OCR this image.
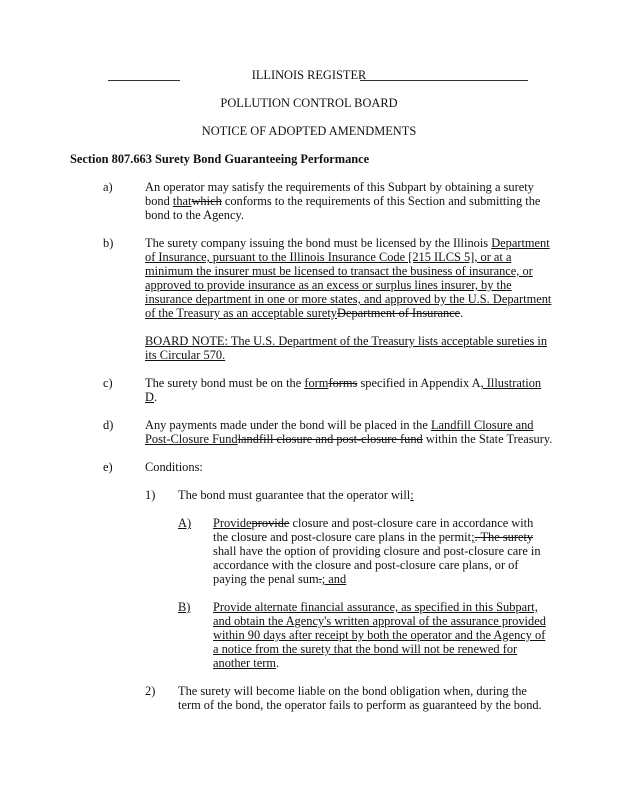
ILLINOIS REGISTER
POLLUTION CONTROL BOARD
NOTICE OF ADOPTED AMENDMENTS
Section 807.663 Surety Bond Guaranteeing Performance
a)	An operator may satisfy the requirements of this Subpart by obtaining a surety
bond thatwhich conforms to the requirements of this Section and submitting the
bond to the Agency.
b)	The surety company issuing the bond must be licensed by the Illinois Department
of Insurance, pursuant to the Illinois Insurance Code [215 ILCS 5], or at a
minimum the insurer must be licensed to transact the business of insurance, or
approved to provide insurance as an excess or surplus lines insurer, by the
insurance department in one or more states, and approved by the U.S. Department
of the Treasury as an acceptable suretyDepartment of Insurance.
BOARD NOTE: The U.S. Department of the Treasury lists acceptable sureties in
its Circular 570.
c)	The surety bond must be on the formforms specified in Appendix A, Illustration
D.
d)	Any payments made under the bond will be placed in the Landfill Closure and
Post-Closure Fundlandfill closure and post-closure fund within the State Treasury.
e)	Conditions:
1) The bond must guarantee that the operator will:
A) Provideprovide closure and post-closure care in accordance with
the closure and post-closure care plans in the permit;. The surety
shall have the option of providing closure and post-closure care in
accordance with the closure and post-closure care plans, or of
paying the penal sum.; and
B) Provide alternate financial assurance, as specified in this Subpart,
and obtain the Agency's written approval of the assurance provided
within 90 days after receipt by both the operator and the Agency of
a notice from the surety that the bond will not be renewed for
another term.
2) The surety will become liable on the bond obligation when, during the
term of the bond, the operator fails to perform as guaranteed by the bond.
